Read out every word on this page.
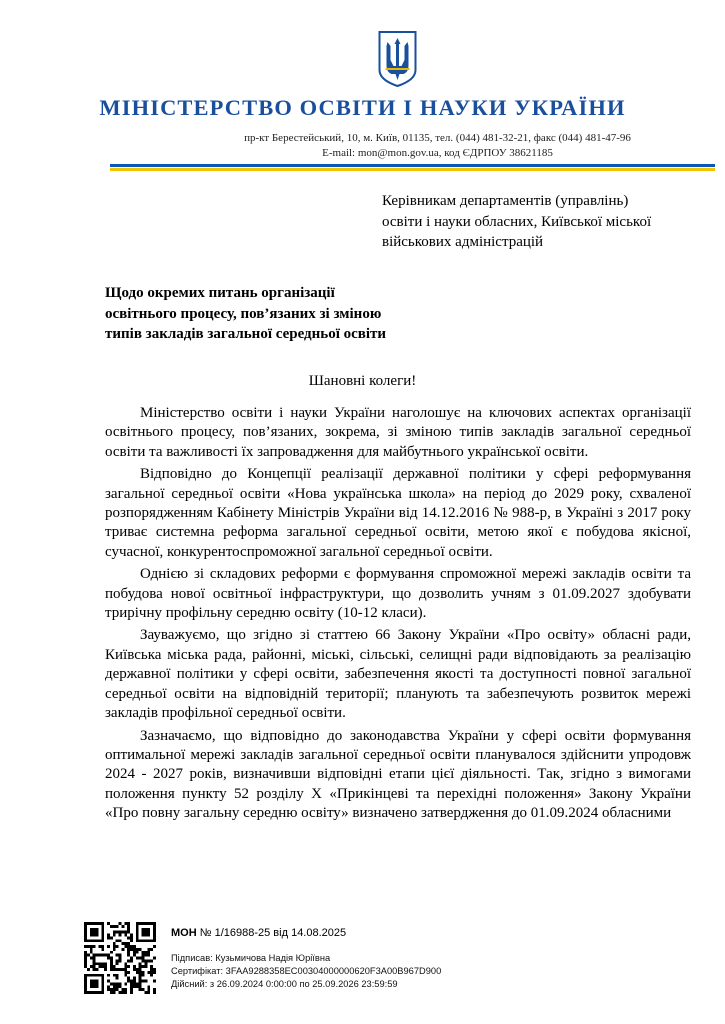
МІНІСТЕРСТВО ОСВІТИ І НАУКИ УКРАЇНИ
пр-кт Берестейський, 10, м. Київ, 01135, тел. (044) 481-32-21, факс (044) 481-47-96
E-mail: mon@mon.gov.ua, код ЄДРПОУ 38621185
Керівникам департаментів (управлінь)
освіти і науки обласних, Київської міської
військових адміністрацій
Щодо окремих питань організації
освітнього процесу, пов’язаних зі зміною
типів закладів загальної середньої освіти
Шановні колеги!

Міністерство освіти і науки України наголошує на ключових аспектах організації освітнього процесу, пов’язаних, зокрема, зі зміною типів закладів загальної середньої освіти та важливості їх запровадження для майбутнього української освіти.

Відповідно до Концепції реалізації державної політики у сфері реформування загальної середньої освіти «Нова українська школа» на період до 2029 року, схваленої розпорядженням Кабінету Міністрів України від 14.12.2016 № 988-р, в Україні з 2017 року триває системна реформа загальної середньої освіти, метою якої є побудова якісної, сучасної, конкурентоспроможної загальної середньої освіти.

Однією зі складових реформи є формування спроможної мережі закладів освіти та побудова нової освітньої інфраструктури, що дозволить учням з 01.09.2027 здобувати трирічну профільну середню освіту (10-12 класи).

Зауважуємо, що згідно зі статтею 66 Закону України «Про освіту» обласні ради, Київська міська рада, районні, міські, сільські, селищні ради відповідають за реалізацію державної політики у сфері освіти, забезпечення якості та доступності повної загальної середньої освіти на відповідній території; планують та забезпечують розвиток мережі закладів профільної середньої освіти.

Зазначаємо, що відповідно до законодавства України у сфері освіти формування оптимальної мережі закладів загальної середньої освіти планувалося здійснити упродовж 2024 - 2027 років, визначивши відповідні етапи цієї діяльності. Так, згідно з вимогами положення пункту 52 розділу X «Прикінцеві та перехідні положення» Закону України «Про повну загальну середню освіту» визначено затвердження до 01.09.2024 обласними

МОН № 1/16988-25 від 14.08.2025
Підписав: Кузьмичова Надія Юріївна
Сертифікат: 3FAA9288358EC00304000000620F3A00B967D900
Дійсний: з 26.09.2024 0:00:00 по 25.09.2026 23:59:59
